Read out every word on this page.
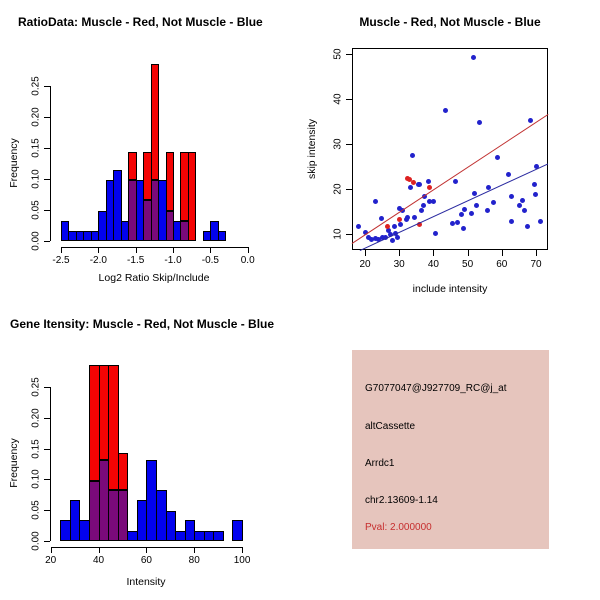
RatioData: Muscle - Red, Not Muscle - Blue
Log2 Ratio Skip/Include
Frequency
0.00
0.05
0.10
0.15
0.20
0.25
-2.5 -2.0 -1.5 -1.0 -0.5 0.0
Muscle - Red, Not Muscle - Blue
include intensity
skip intensity
20 30 40 50 60 70
10
20
30
40
50
Gene Itensity: Muscle - Red, Not Muscle - Blue
Intensity
Frequency
0.00
0.05
0.10
0.15
0.20
0.25
20	40	60	80	100
G7077047@J927709_RC@j_at
altCassette
Arrdc1
chr2.13609-1.14
Pval: 2.000000
